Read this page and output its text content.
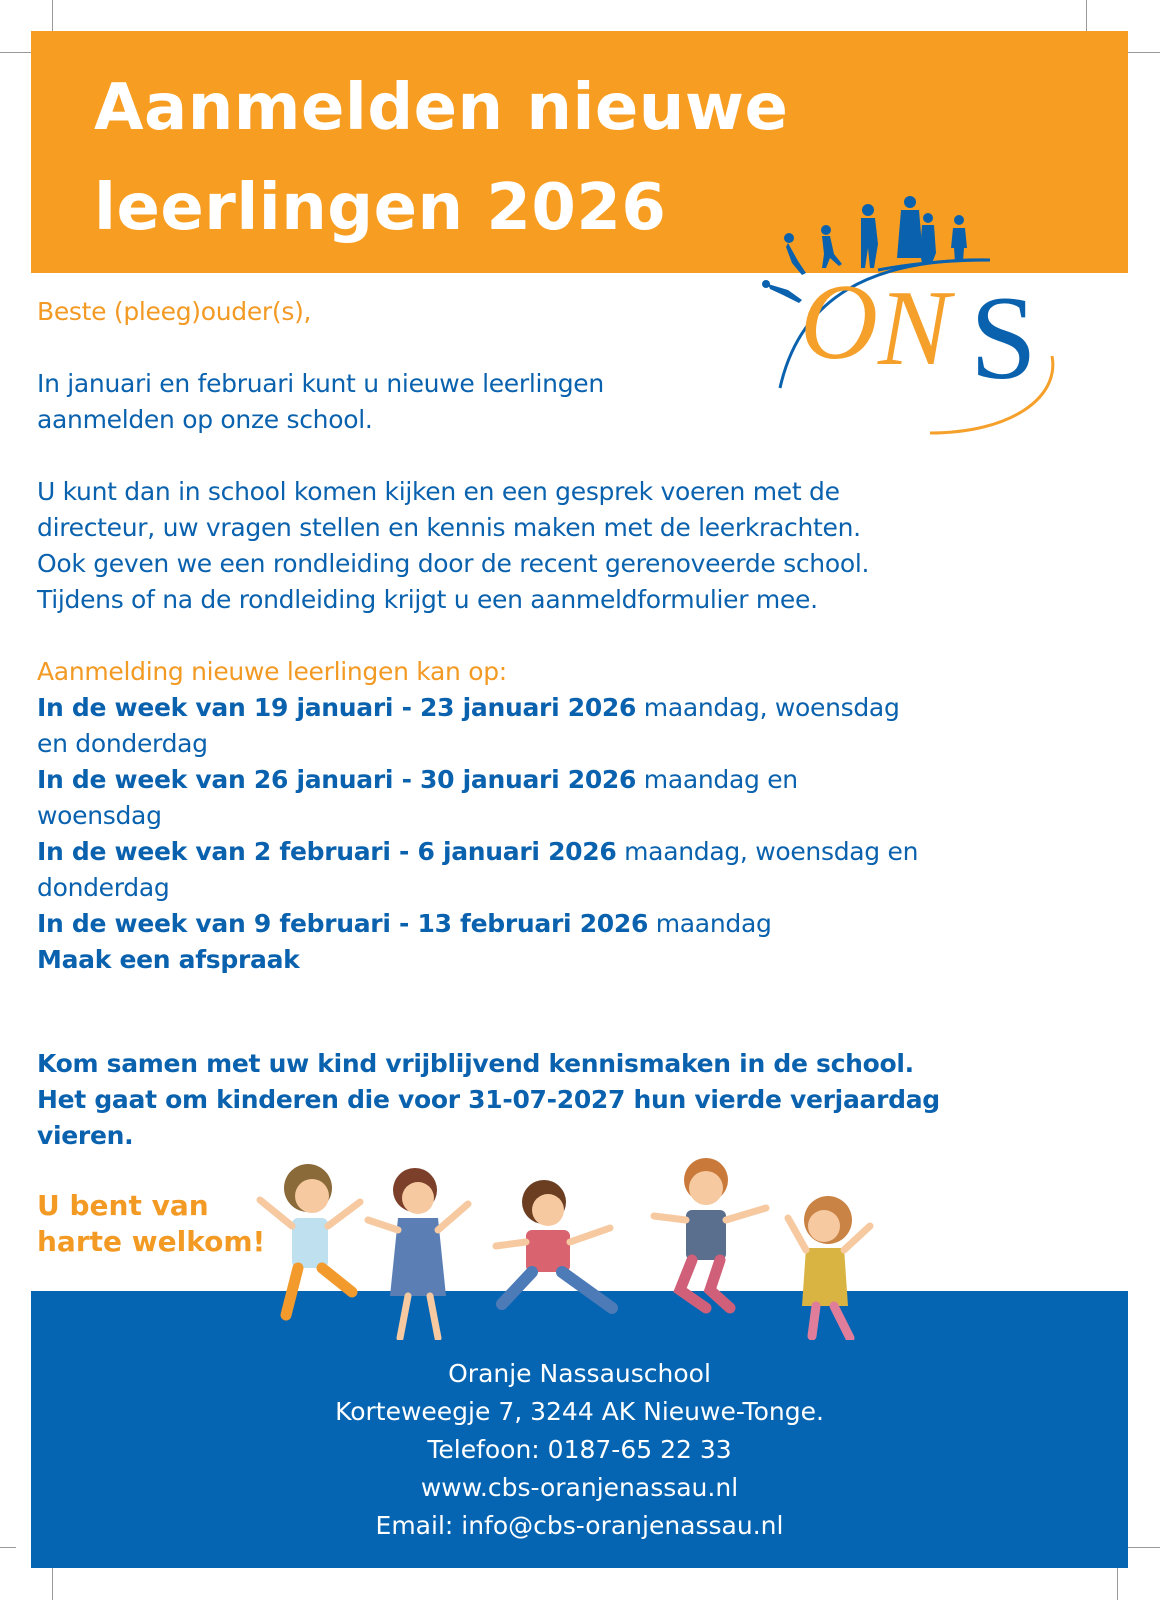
Aanmelden nieuwe
leerlingen 2026
O N S
Beste (pleeg)ouder(s),
In januari en februari kunt u nieuwe leerlingen
aanmelden op onze school.
U kunt dan in school komen kijken en een gesprek voeren met de
directeur, uw vragen stellen en kennis maken met de leerkrachten.
Ook geven we een rondleiding door de recent gerenoveerde school.
Tijdens of na de rondleiding krijgt u een aanmeldformulier mee.
Aanmelding nieuwe leerlingen kan op:
In de week van 19 januari - 23 januari 2026 maandag, woensdag
en donderdag
In de week van 26 januari - 30 januari 2026 maandag en
woensdag
In de week van 2 februari - 6 januari 2026 maandag, woensdag en
donderdag
In de week van 9 februari - 13 februari 2026 maandag
Maak een afspraak
Kom samen met uw kind vrijblijvend kennismaken in de school.
Het gaat om kinderen die voor 31-07-2027 hun vierde verjaardag
vieren.
U bent van
harte welkom!
Oranje Nassauschool
Korteweegje 7, 3244 AK Nieuwe-Tonge.
Telefoon: 0187-65 22 33
www.cbs-oranjenassau.nl
Email: info@cbs-oranjenassau.nl
